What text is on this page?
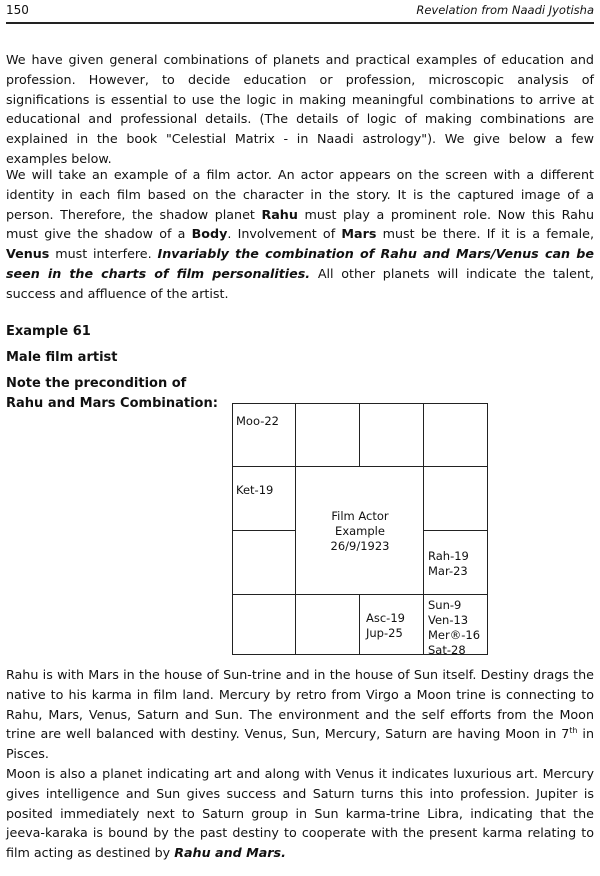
150	Revelation from Naadi Jyotisha

We have given general combinations of planets and practical examples of education and profession. However, to decide education or profession, microscopic analysis of significations is essential to use the logic in making meaningful combinations to arrive at educational and professional details. (The details of logic of making combinations are explained in the book "Celestial Matrix - in Naadi astrology"). We give below a few examples below.

We will take an example of a film actor. An actor appears on the screen with a different identity in each film based on the character in the story. It is the captured image of a person. Therefore, the shadow planet Rahu must play a prominent role. Now this Rahu must give the shadow of a Body. Involvement of Mars must be there. If it is a female, Venus must interfere. Invariably the combination of Rahu and Mars/Venus can be seen in the charts of film personalities. All other planets will indicate the talent, success and affluence of the artist.

Example 61
Male film artist
Note the precondition of
Rahu and Mars Combination:
Moo-22
Ket-19
Rah-19
Mar-23
Asc-19
Jup-25
Sun-9
Ven-13
Mer®-16
Sat-28
Film Actor
Example
26/9/1923

Rahu is with Mars in the house of Sun-trine and in the house of Sun itself. Destiny drags the native to his karma in film land. Mercury by retro from Virgo a Moon trine is connecting to Rahu, Mars, Venus, Saturn and Sun. The environment and the self efforts from the Moon trine are well balanced with destiny. Venus, Sun, Mercury, Saturn are having Moon in 7th in Pisces.

Moon is also a planet indicating art and along with Venus it indicates luxurious art. Mercury gives intelligence and Sun gives success and Saturn turns this into profession. Jupiter is posited immediately next to Saturn group in Sun karma-trine Libra, indicating that the jeeva-karaka is bound by the past destiny to cooperate with the present karma relating to film acting as destined by Rahu and Mars.
